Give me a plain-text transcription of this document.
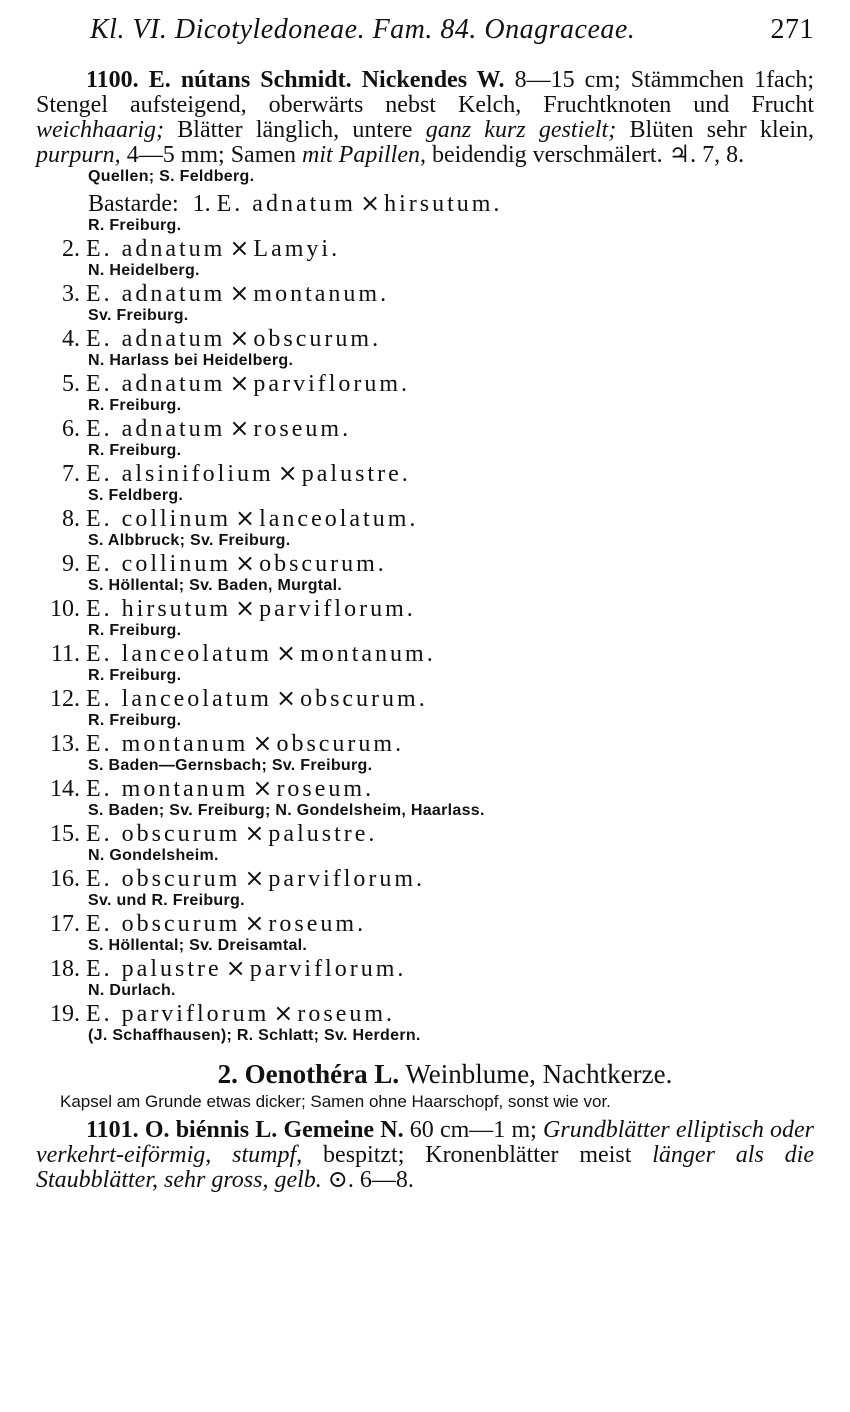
Kl. VI. Dicotyledoneae. Fam. 84. Onagraceae.	271
1100. E. nútans Schmidt. Nickendes W. 8—15 cm; Stämmchen 1fach; Stengel aufsteigend, oberwärts nebst Kelch, Fruchtknoten und Frucht weichhaarig; Blätter länglich, untere ganz kurz gestielt; Blüten sehr klein, purpurn, 4—5 mm; Samen mit Papillen, beidendig verschmälert. ♃. 7, 8.
Quellen; S. Feldberg.
Bastarde: 1. E. adnatum × hirsutum.
R. Freiburg.
2. E. adnatum × Lamyi.
N. Heidelberg.
3. E. adnatum × montanum.
Sv. Freiburg.
4. E. adnatum × obscurum.
N. Harlass bei Heidelberg.
5. E. adnatum × parviflorum.
R. Freiburg.
6. E. adnatum × roseum.
R. Freiburg.
7. E. alsinifolium × palustre.
S. Feldberg.
8. E. collinum × lanceolatum.
S. Albbruck; Sv. Freiburg.
9. E. collinum × obscurum.
S. Höllental; Sv. Baden, Murgtal.
10. E. hirsutum × parviflorum.
R. Freiburg.
11. E. lanceolatum × montanum.
R. Freiburg.
12. E. lanceolatum × obscurum.
R. Freiburg.
13. E. montanum × obscurum.
S. Baden—Gernsbach; Sv. Freiburg.
14. E. montanum × roseum.
S. Baden; Sv. Freiburg; N. Gondelsheim, Haarlass.
15. E. obscurum × palustre.
N. Gondelsheim.
16. E. obscurum × parviflorum.
Sv. und R. Freiburg.
17. E. obscurum × roseum.
S. Höllental; Sv. Dreisamtal.
18. E. palustre × parviflorum.
N. Durlach.
19. E. parviflorum × roseum.
(J. Schaffhausen); R. Schlatt; Sv. Herdern.
2. Oenothéra L. Weinblume, Nachtkerze.
Kapsel am Grunde etwas dicker; Samen ohne Haarschopf, sonst wie vor.
1101. O. biénnis L. Gemeine N. 60 cm—1 m; Grundblätter elliptisch oder verkehrt-eiförmig, stumpf, bespitzt; Kronenblätter meist länger als die Staubblätter, sehr gross, gelb. ⊙. 6—8.
